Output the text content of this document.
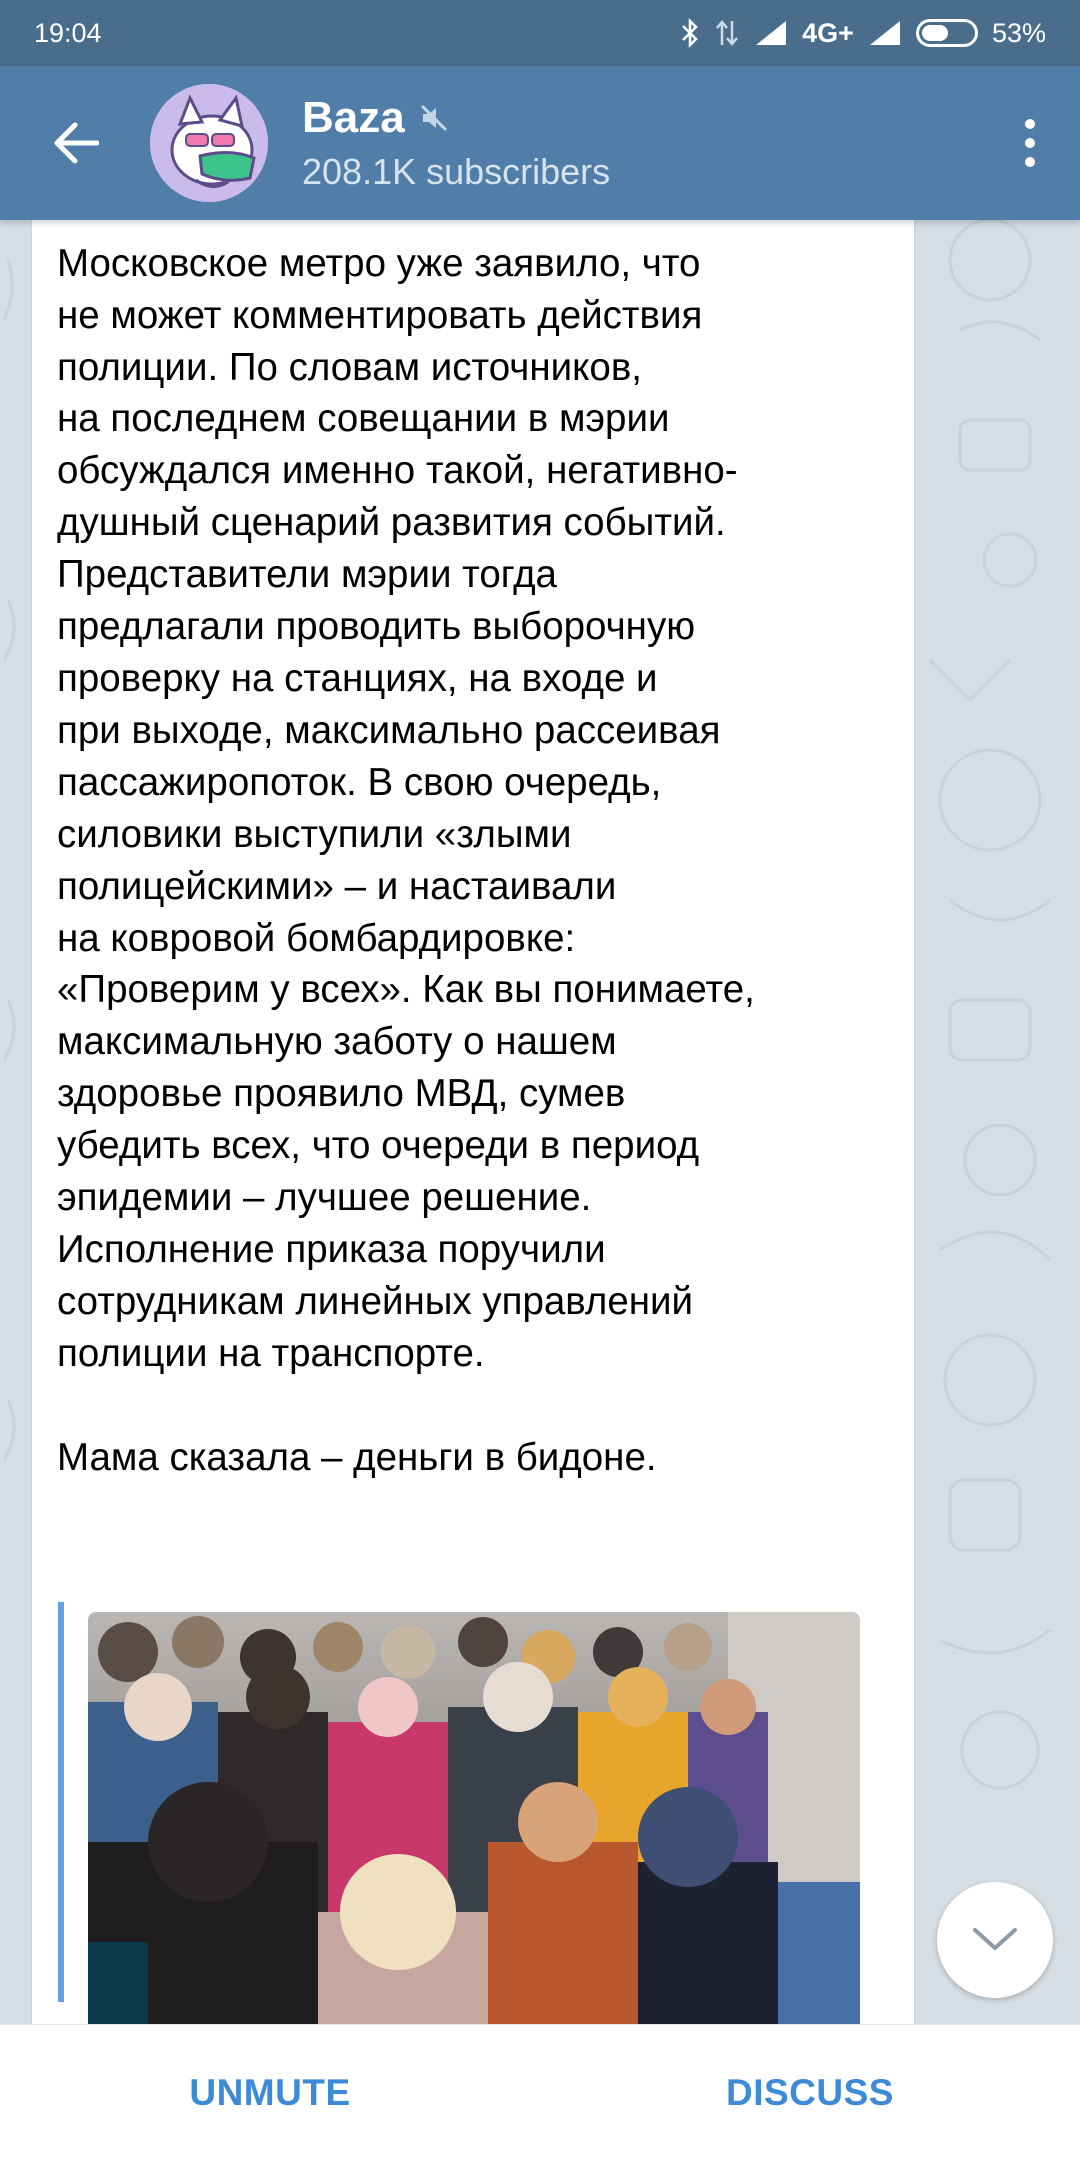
19:04	4G+	53%
Baza
208.1K subscribers

Московское метро уже заявило, что
не может комментировать действия
полиции. По словам источников,
на последнем совещании в мэрии
обсуждался именно такой, негативно-
душный сценарий развития событий.
Представители мэрии тогда
предлагали проводить выборочную
проверку на станциях, на входе и
при выходе, максимально рассеивая
пассажиропоток. В свою очередь,
силовики выступили «злыми
полицейскими» – и настаивали
на ковровой бомбардировке:
«Проверим у всех». Как вы понимаете,
максимальную заботу о нашем
здоровье проявило МВД, сумев
убедить всех, что очереди в период
эпидемии – лучшее решение.
Исполнение приказа поручили
сотрудникам линейных управлений
полиции на транспорте.

Мама сказала – деньги в бидоне.
UNMUTE	DISCUSS
